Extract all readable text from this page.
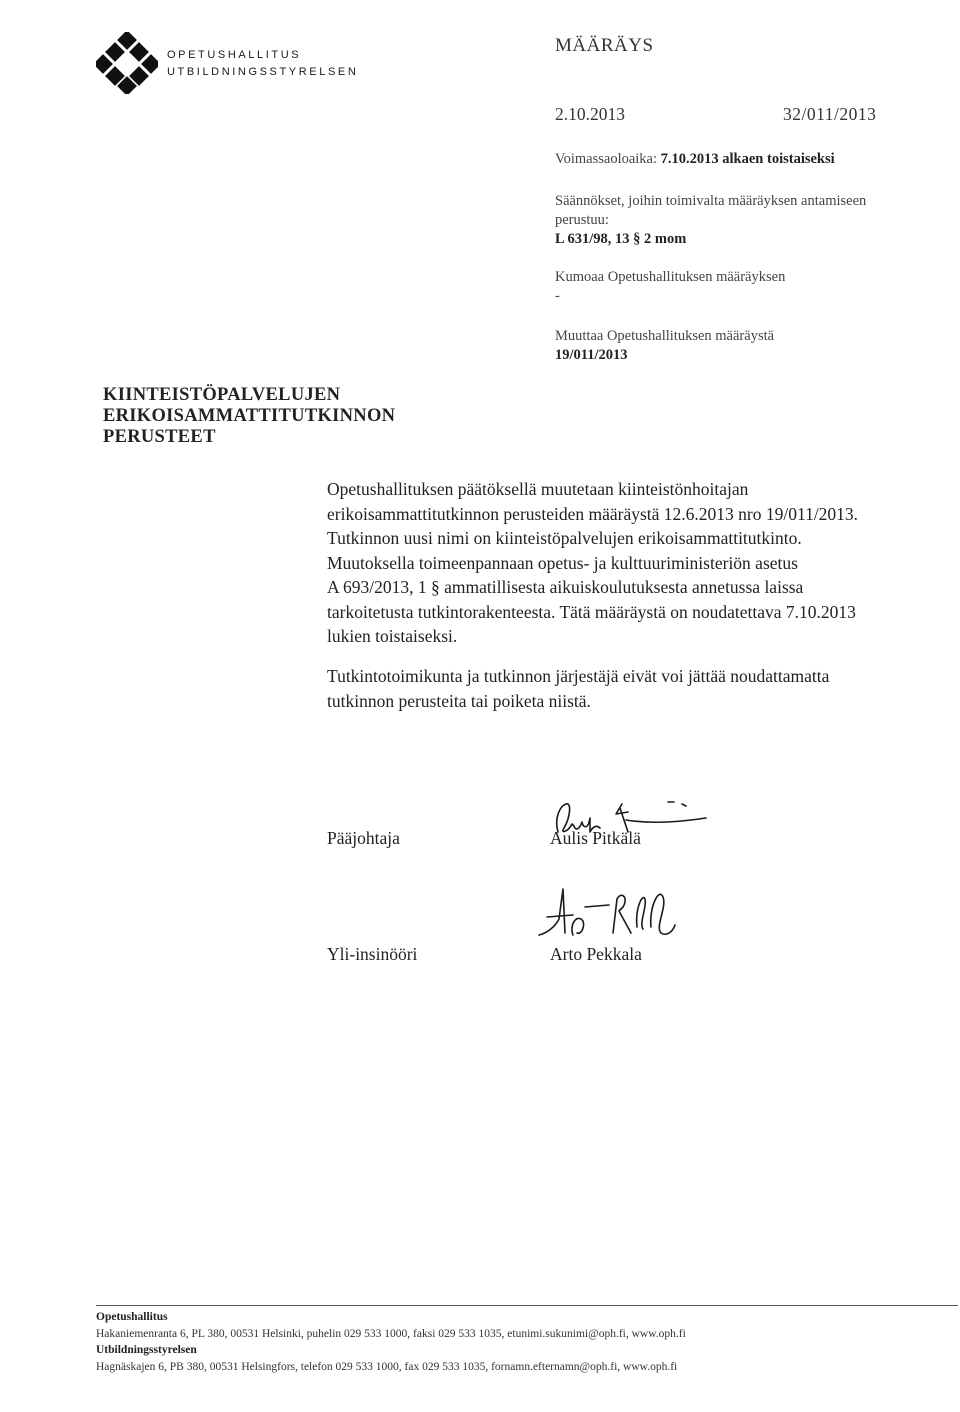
OPETUSHALLITUS
UTBILDNINGSSTYRELSEN
MÄÄRÄYS
2.10.2013	32/011/2013
Voimassaoloaika: 7.10.2013 alkaen toistaiseksi
Säännökset, joihin toimivalta määräyksen antamiseen
perustuu:
L 631/98, 13 § 2 mom
Kumoaa Opetushallituksen määräyksen
-
Muuttaa Opetushallituksen määräystä
19/011/2013
KIINTEISTÖPALVELUJEN
ERIKOISAMMATTITUTKINNON
PERUSTEET
Opetushallituksen päätöksellä muutetaan kiinteistönhoitajan
erikoisammattitutkinnon perusteiden määräystä 12.6.2013 nro 19/011/2013.
Tutkinnon uusi nimi on kiinteistöpalvelujen erikoisammattitutkinto.
Muutoksella toimeenpannaan opetus- ja kulttuuriministeriön asetus
A 693/2013, 1 § ammatillisesta aikuiskoulutuksesta annetussa laissa
tarkoitetusta tutkintorakenteesta. Tätä määräystä on noudatettava 7.10.2013
lukien toistaiseksi.
Tutkintotoimikunta ja tutkinnon järjestäjä eivät voi jättää noudattamatta
tutkinnon perusteita tai poiketa niistä.
Pääjohtaja	Aulis Pitkälä
Yli-insinööri	Arto Pekkala
Opetushallitus
Hakaniemenranta 6, PL 380, 00531 Helsinki, puhelin 029 533 1000, faksi 029 533 1035, etunimi.sukunimi@oph.fi, www.oph.fi
Utbildningsstyrelsen
Hagnäskajen 6, PB 380, 00531 Helsingfors, telefon 029 533 1000, fax 029 533 1035, fornamn.efternamn@oph.fi, www.oph.fi
